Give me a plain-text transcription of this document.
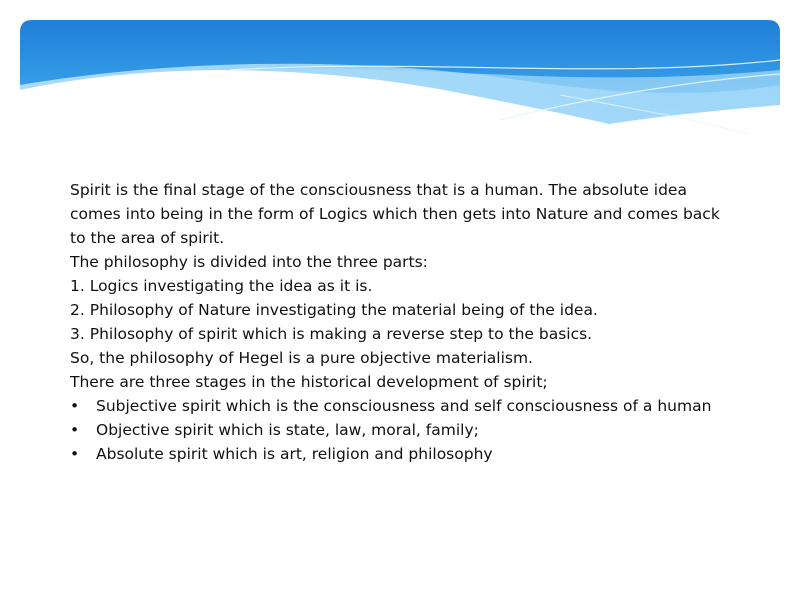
Spirit is the final stage of the consciousness that is a human. The absolute idea comes into being in the form of Logics which then gets into Nature and comes back to the area of spirit.

The philosophy is divided into the three parts:

1. Logics investigating the idea as it is.

2. Philosophy of Nature investigating the material being of the idea.

3. Philosophy of spirit which is making a reverse step to the basics.

So, the philosophy of Hegel is a pure objective materialism.

There are three stages in the historical development of spirit;

• Subjective spirit which is the consciousness and self consciousness of a human
• Objective spirit which is state, law, moral, family;
• Absolute spirit which is art, religion and philosophy
